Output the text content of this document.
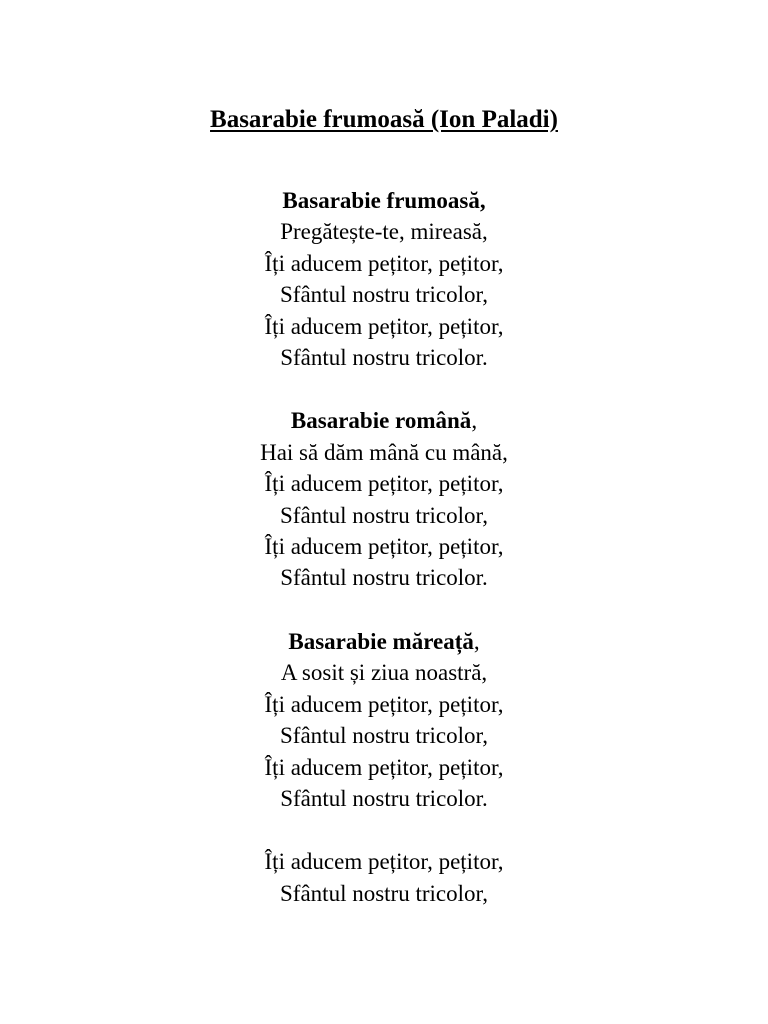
Basarabie frumoasă (Ion Paladi)
Basarabie frumoasă,
Pregătește-te, mireasă,
Îți aducem pețitor, pețitor,
Sfântul nostru tricolor,
Îți aducem pețitor, pețitor,
Sfântul nostru tricolor.
Basarabie română,
Hai să dăm mână cu mână,
Îți aducem pețitor, pețitor,
Sfântul nostru tricolor,
Îți aducem pețitor, pețitor,
Sfântul nostru tricolor.
Basarabie măreață,
A sosit și ziua noastră,
Îți aducem pețitor, pețitor,
Sfântul nostru tricolor,
Îți aducem pețitor, pețitor,
Sfântul nostru tricolor.
Îți aducem pețitor, pețitor,
Sfântul nostru tricolor,
